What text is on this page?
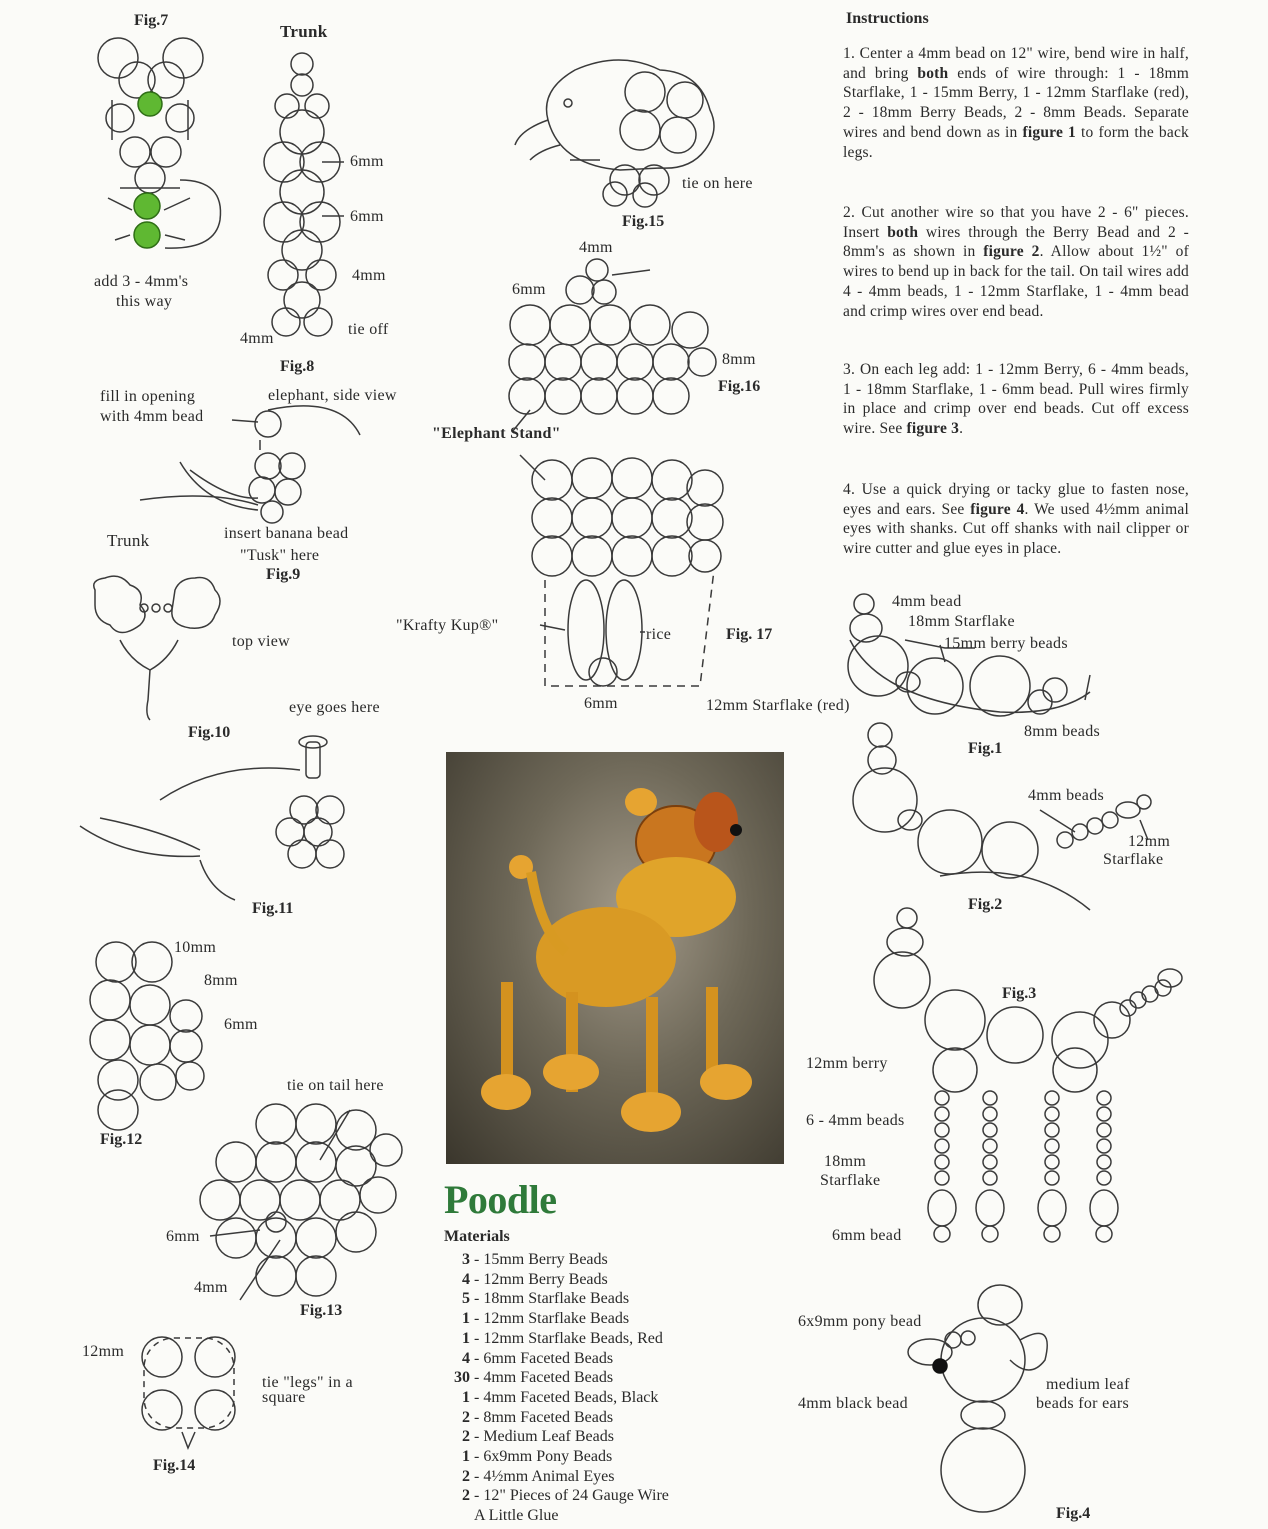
Fig.7
Fig.8
Fig.9
Fig.10
Fig.11
Fig.12
Fig.13
Fig.14
Fig.15
Fig.16
Fig. 17
Fig.1
Fig.2
Fig.3
Fig.4
Trunk
6mm
6mm
4mm
4mm
tie off
add 3 - 4mm's
this way
fill in opening
with 4mm bead
elephant, side view
Trunk	insert banana bead
"Tusk" here
top view
eye goes here
10mm
8mm
6mm
tie on tail here
6mm
4mm
12mm
tie "legs" in a
square
tie on here
4mm
6mm
8mm
"Elephant Stand"
"Krafty Kup®"
rice
6mm
4mm bead
18mm Starflake
15mm berry beads
12mm Starflake (red)
8mm beads
4mm beads
12mm
Starflake
12mm berry
6 - 4mm beads
18mm
Starflake
6mm bead
6x9mm pony bead
4mm black bead
medium leaf
beads for ears
Instructions
1. Center a 4mm bead on 12" wire, bend wire in half, and bring both ends of wire through: 1 - 18mm Starflake, 1 - 15mm Berry, 1 - 12mm Starflake (red), 2 - 18mm Berry Beads, 2 - 8mm Beads. Separate wires and bend down as in figure 1 to form the back legs.
2. Cut another wire so that you have 2 - 6" pieces. Insert both wires through the Berry Bead and 2 - 8mm's as shown in figure 2. Allow about 1½" of wires to bend up in back for the tail. On tail wires add 4 - 4mm beads, 1 - 12mm Starflake, 1 - 4mm bead and crimp wires over end bead.
3. On each leg add: 1 - 12mm Berry, 6 - 4mm beads, 1 - 18mm Starflake, 1 - 6mm bead. Pull wires firmly in place and crimp over end beads. Cut off excess wire. See figure 3.
4. Use a quick drying or tacky glue to fasten nose, eyes and ears. See figure 4. We used 4½mm animal eyes with shanks. Cut off shanks with nail clipper or wire cutter and glue eyes in place.
Poodle
Materials
3 - 15mm Berry Beads
4 - 12mm Berry Beads
5 - 18mm Starflake Beads
1 - 12mm Starflake Beads
1 - 12mm Starflake Beads, Red
4 - 6mm Faceted Beads
30 - 4mm Faceted Beads
1 - 4mm Faceted Beads, Black
2 - 8mm Faceted Beads
2 - Medium Leaf Beads
1 - 6x9mm Pony Beads
2 - 4½mm Animal Eyes
2 - 12" Pieces of 24 Gauge Wire
A Little Glue
